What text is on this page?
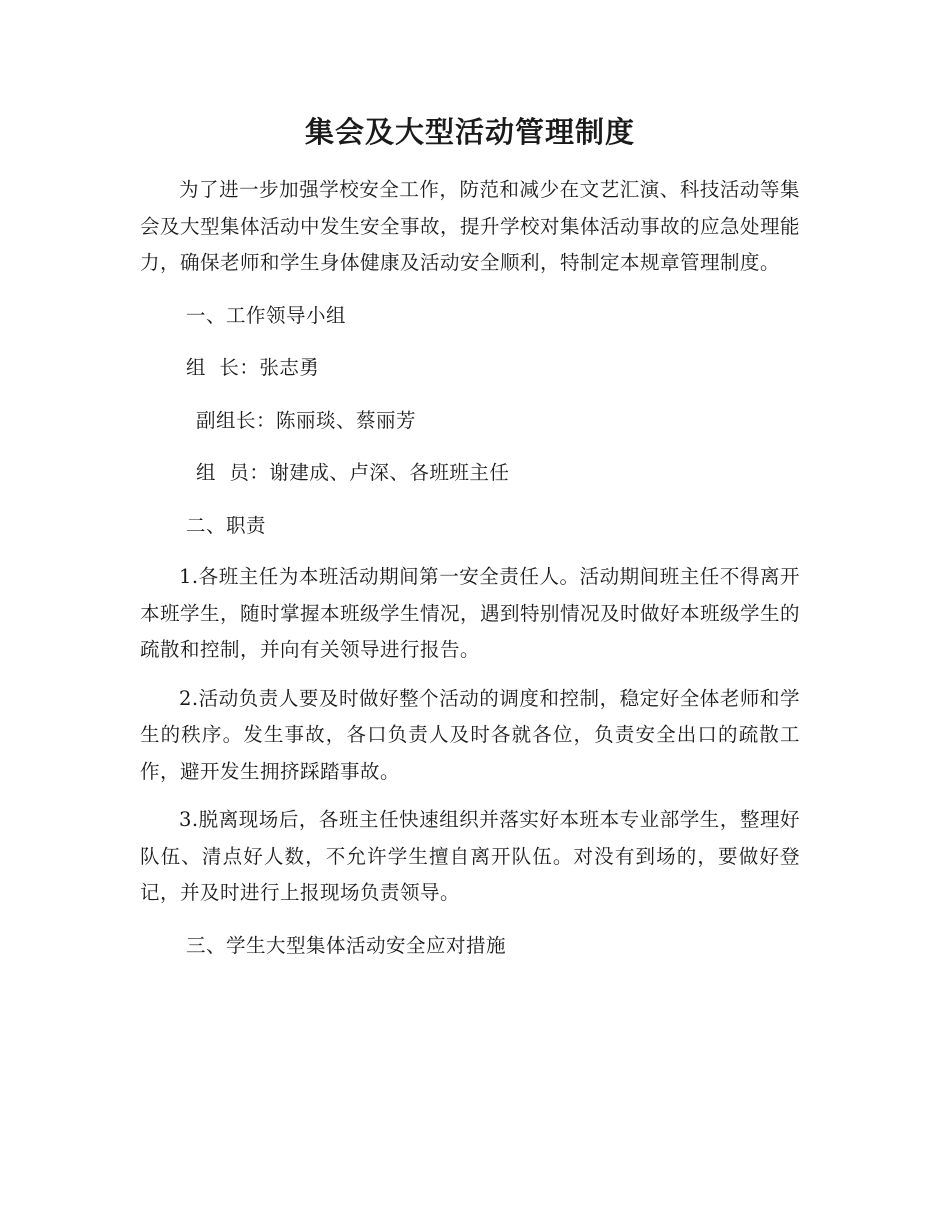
集会及大型活动管理制度

为了进一步加强学校安全工作，防范和减少在文艺汇演、科技活动等集会及大型集体活动中发生安全事故，提升学校对集体活动事故的应急处理能力，确保老师和学生身体健康及活动安全顺利，特制定本规章管理制度。

一、工作领导小组

组  长：张志勇

副组长：陈丽琰、蔡丽芳

组  员：谢建成、卢深、各班班主任

二、职责

1.各班主任为本班活动期间第一安全责任人。活动期间班主任不得离开本班学生，随时掌握本班级学生情况，遇到特别情况及时做好本班级学生的疏散和控制，并向有关领导进行报告。

2.活动负责人要及时做好整个活动的调度和控制，稳定好全体老师和学生的秩序。发生事故，各口负责人及时各就各位，负责安全出口的疏散工作，避开发生拥挤踩踏事故。

3.脱离现场后，各班主任快速组织并落实好本班本专业部学生，整理好队伍、清点好人数，不允许学生擅自离开队伍。对没有到场的，要做好登记，并及时进行上报现场负责领导。

三、学生大型集体活动安全应对措施
